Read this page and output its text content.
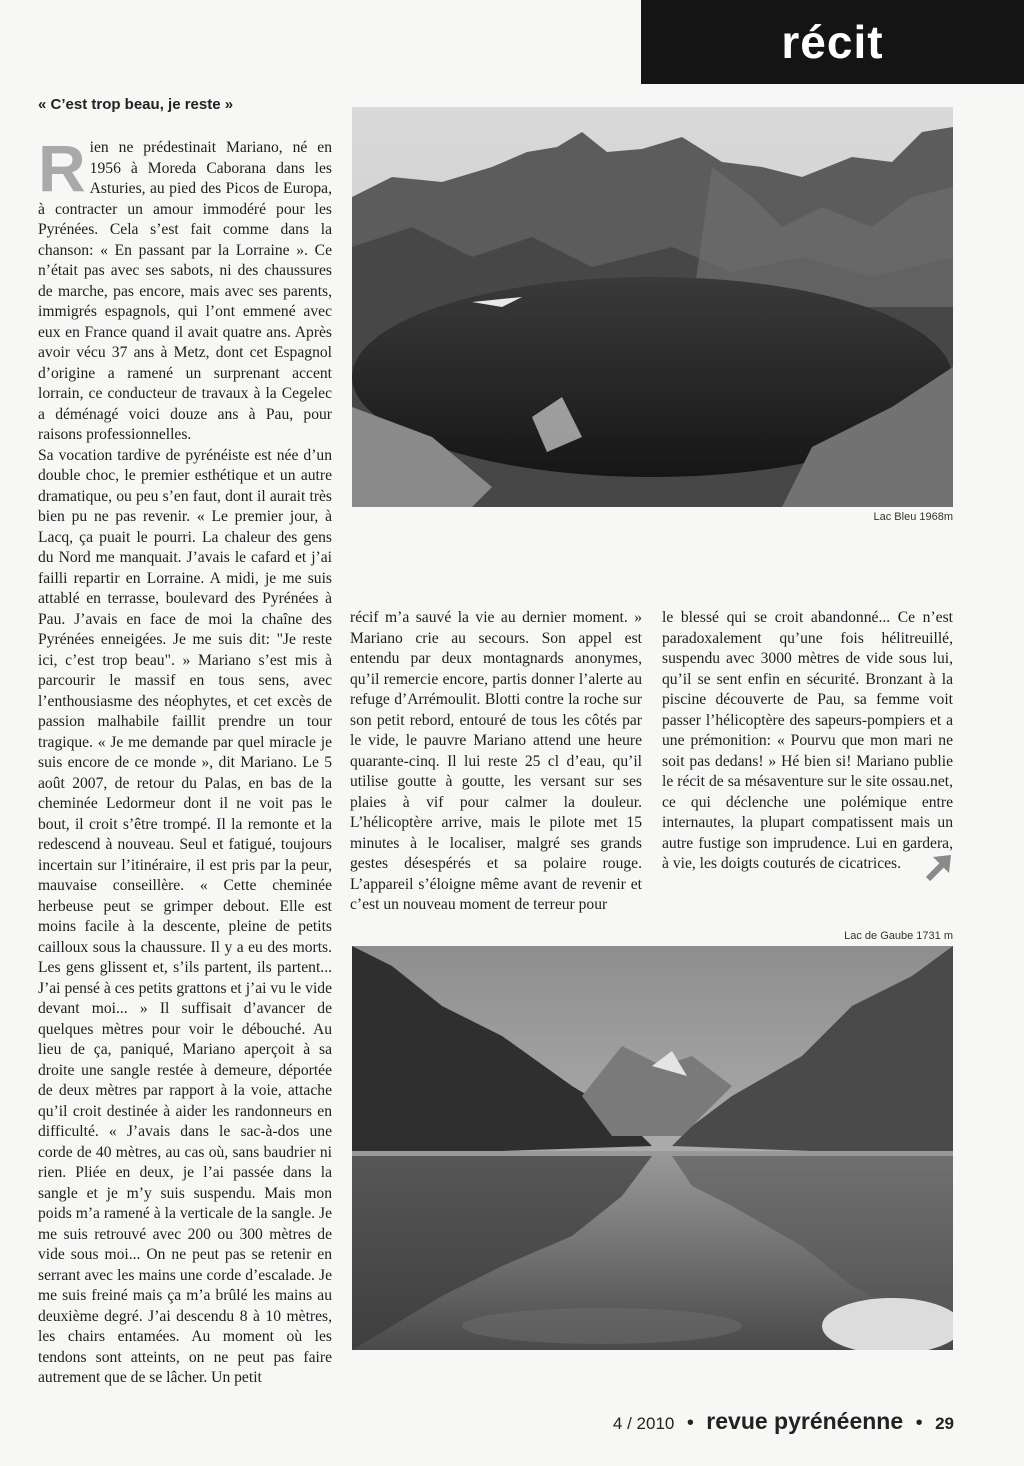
récit
« C’est trop beau, je reste »

R ien ne prédestinait Mariano, né en 1956 à Moreda Caborana dans les Asturies, au pied des Picos de Europa, à contracter un amour immodéré pour les Pyrénées. Cela s’est fait comme dans la chanson: « En passant par la Lorraine ». Ce n’était pas avec ses sabots, ni des chaussures de marche, pas encore, mais avec ses parents, immigrés espagnols, qui l’ont emmené avec eux en France quand il avait quatre ans. Après avoir vécu 37 ans à Metz, dont cet Espagnol d’origine a ramené un surprenant accent lorrain, ce conducteur de travaux à la Cegelec a déménagé voici douze ans à Pau, pour raisons professionnelles.

Sa vocation tardive de pyrénéiste est née d’un double choc, le premier esthétique et un autre dramatique, ou peu s’en faut, dont il aurait très bien pu ne pas revenir. « Le premier jour, à Lacq, ça puait le pourri. La chaleur des gens du Nord me manquait. J’avais le cafard et j’ai failli repartir en Lorraine. A midi, je me suis attablé en terrasse, boulevard des Pyrénées à Pau. J’avais en face de moi la chaîne des Pyrénées enneigées. Je me suis dit: "Je reste ici, c’est trop beau". » Mariano s’est mis à parcourir le massif en tous sens, avec l’enthousiasme des néophytes, et cet excès de passion malhabile faillit prendre un tour tragique. « Je me demande par quel miracle je suis encore de ce monde », dit Mariano. Le 5 août 2007, de retour du Palas, en bas de la cheminée Ledormeur dont il ne voit pas le bout, il croit s’être trompé. Il la remonte et la redescend à nouveau. Seul et fatigué, toujours incertain sur l’itinéraire, il est pris par la peur, mauvaise conseillère. « Cette cheminée herbeuse peut se grimper debout. Elle est moins facile à la descente, pleine de petits cailloux sous la chaussure. Il y a eu des morts. Les gens glissent et, s’ils partent, ils partent... J’ai pensé à ces petits grattons et j’ai vu le vide devant moi... » Il suffisait d’avancer de quelques mètres pour voir le débouché. Au lieu de ça, paniqué, Mariano aperçoit à sa droite une sangle restée à demeure, déportée de deux mètres par rapport à la voie, attache qu’il croit destinée à aider les randonneurs en difficulté. « J’avais dans le sac-à-dos une corde de 40 mètres, au cas où, sans baudrier ni rien. Pliée en deux, je l’ai passée dans la sangle et je m’y suis suspendu. Mais mon poids m’a ramené à la verticale de la sangle. Je me suis retrouvé avec 200 ou 300 mètres de vide sous moi... On ne peut pas se retenir en serrant avec les mains une corde d’escalade. Je me suis freiné mais ça m’a brûlé les mains au deuxième degré. J’ai descendu 8 à 10 mètres, les chairs entamées. Au moment où les tendons sont atteints, on ne peut pas faire autrement que de se lâcher. Un petit

Lac Bleu 1968m

récif m’a sauvé la vie au dernier moment. » Mariano crie au secours. Son appel est entendu par deux montagnards anonymes, qu’il remercie encore, partis donner l’alerte au refuge d’Arrémoulit. Blotti contre la roche sur son petit rebord, entouré de tous les côtés par le vide, le pauvre Mariano attend une heure quarante-cinq. Il lui reste 25 cl d’eau, qu’il utilise goutte à goutte, les versant sur ses plaies à vif pour calmer la douleur. L’hélicoptère arrive, mais le pilote met 15 minutes à le localiser, malgré ses grands gestes désespérés et sa polaire rouge. L’appareil s’éloigne même avant de revenir et c’est un nouveau moment de terreur pour

le blessé qui se croit abandonné... Ce n’est paradoxalement qu’une fois hélitreuillé, suspendu avec 3000 mètres de vide sous lui, qu’il se sent enfin en sécurité. Bronzant à la piscine découverte de Pau, sa femme voit passer l’hélicoptère des sapeurs-pompiers et a une prémonition: « Pourvu que mon mari ne soit pas dedans! » Hé bien si! Mariano publie le récit de sa mésaventure sur le site ossau.net, ce qui déclenche une polémique entre internautes, la plupart compatissent mais un autre fustige son imprudence. Lui en gardera, à vie, les doigts couturés de cicatrices.

Lac de Gaube 1731 m
4 / 2010 • revue pyrénéenne • 29
